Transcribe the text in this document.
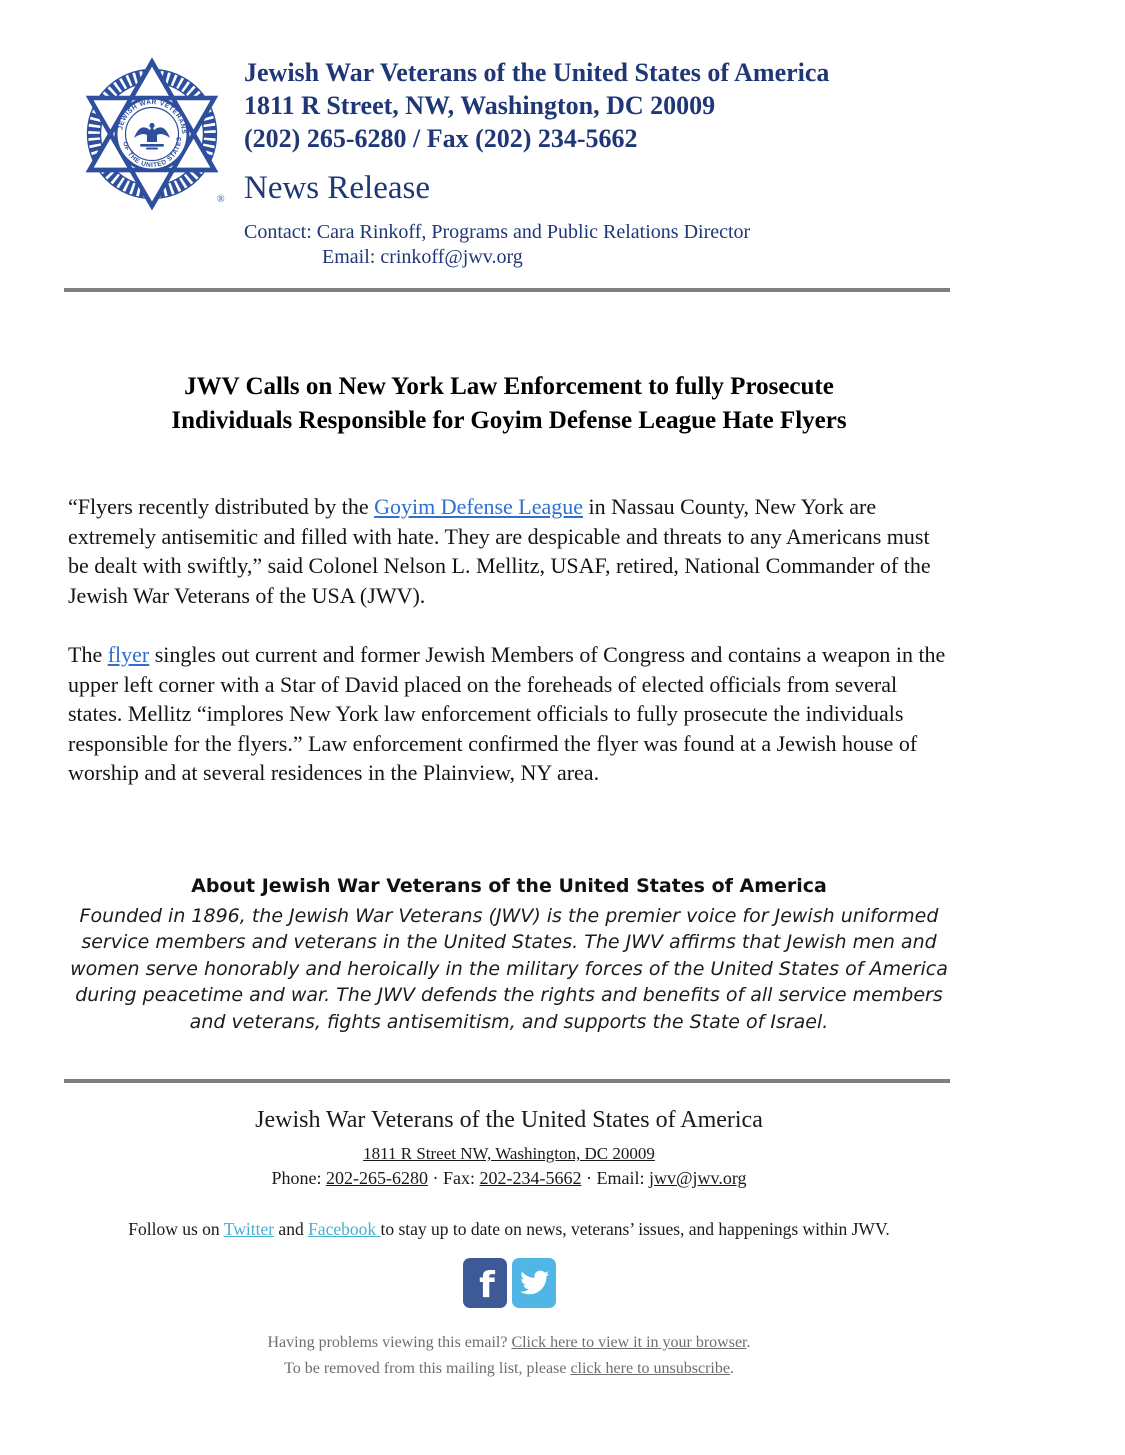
JEWISH WAR VETERANS
OF THE UNITED STATES
®
Jewish War Veterans of the United States of America
1811 R Street, NW, Washington, DC 20009
(202) 265-6280 / Fax (202) 234-5662
News Release
Contact: Cara Rinkoff, Programs and Public Relations Director
Email: crinkoff@jwv.org
JWV Calls on New York Law Enforcement to fully Prosecute
Individuals Responsible for Goyim Defense League Hate Flyers

“Flyers recently distributed by the Goyim Defense League in Nassau County, New York are extremely antisemitic and filled with hate. They are despicable and threats to any Americans must be dealt with swiftly,” said Colonel Nelson L. Mellitz, USAF, retired, National Commander of the Jewish War Veterans of the USA (JWV).

The flyer singles out current and former Jewish Members of Congress and contains a weapon in the upper left corner with a Star of David placed on the foreheads of elected officials from several states. Mellitz “implores New York law enforcement officials to fully prosecute the individuals responsible for the flyers.” Law enforcement confirmed the flyer was found at a Jewish house of worship and at several residences in the Plainview, NY area.

About Jewish War Veterans of the United States of America
Founded in 1896, the Jewish War Veterans (JWV) is the premier voice for Jewish uniformed service members and veterans in the United States. The JWV affirms that Jewish men and women serve honorably and heroically in the military forces of the United States of America during peacetime and war. The JWV defends the rights and benefits of all service members and veterans, fights antisemitism, and supports the State of Israel.
Jewish War Veterans of the United States of America
1811 R Street NW, Washington, DC 20009
Phone: 202-265-6280 · Fax: 202-234-5662 · Email: jwv@jwv.org
Follow us on Twitter and Facebook to stay up to date on news, veterans’ issues, and happenings within JWV.
f
Having problems viewing this email? Click here to view it in your browser.
To be removed from this mailing list, please click here to unsubscribe.
